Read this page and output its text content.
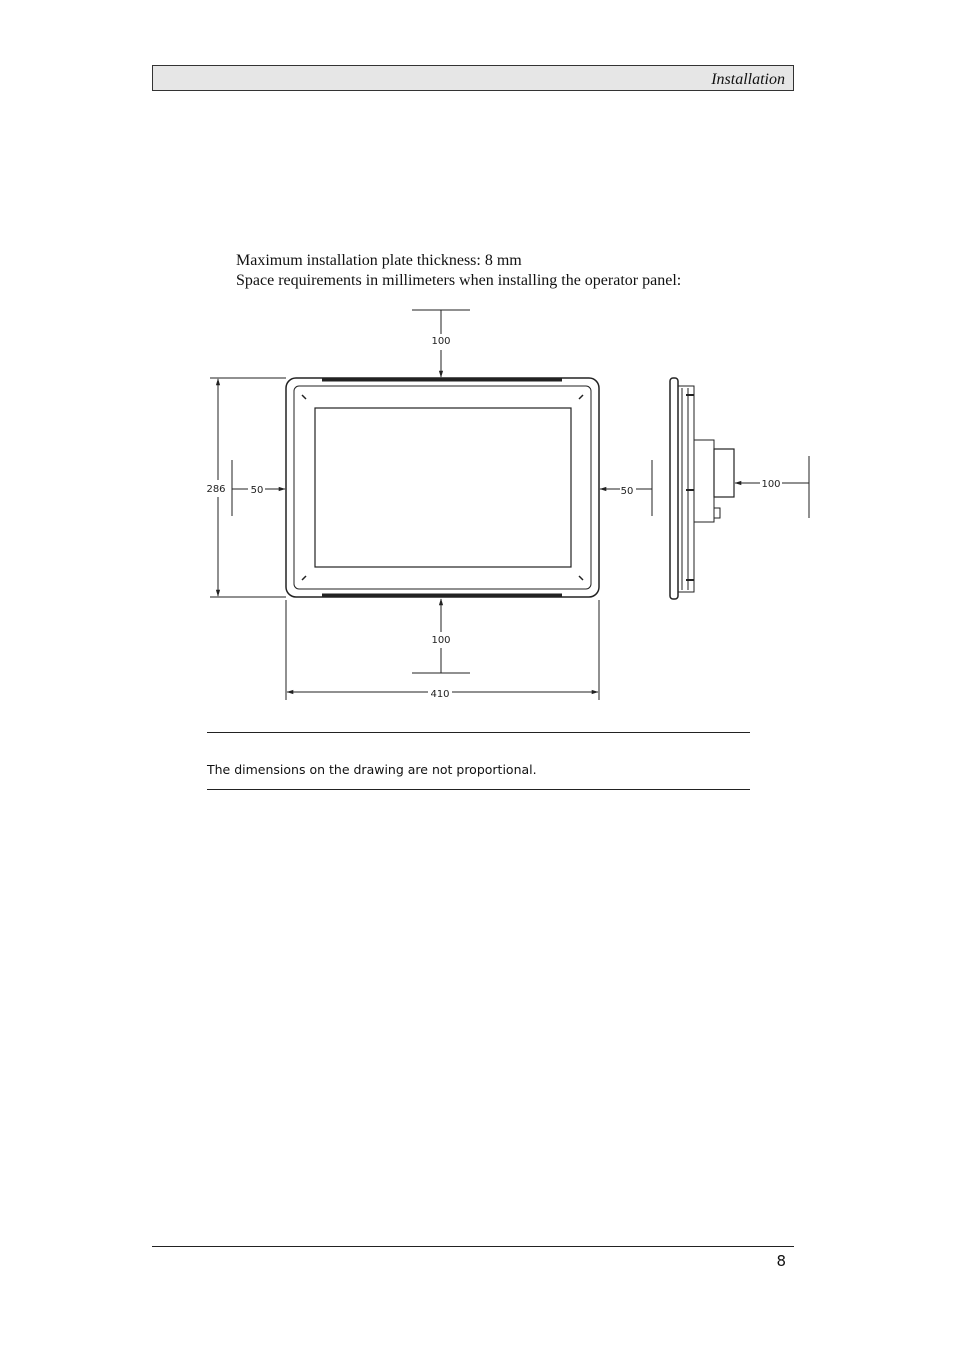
Installation
Maximum installation plate thickness: 8 mm
Space requirements in millimeters when installing the operator panel:
100
100
50	50
286
410
100
The dimensions on the drawing are not proportional.
8
